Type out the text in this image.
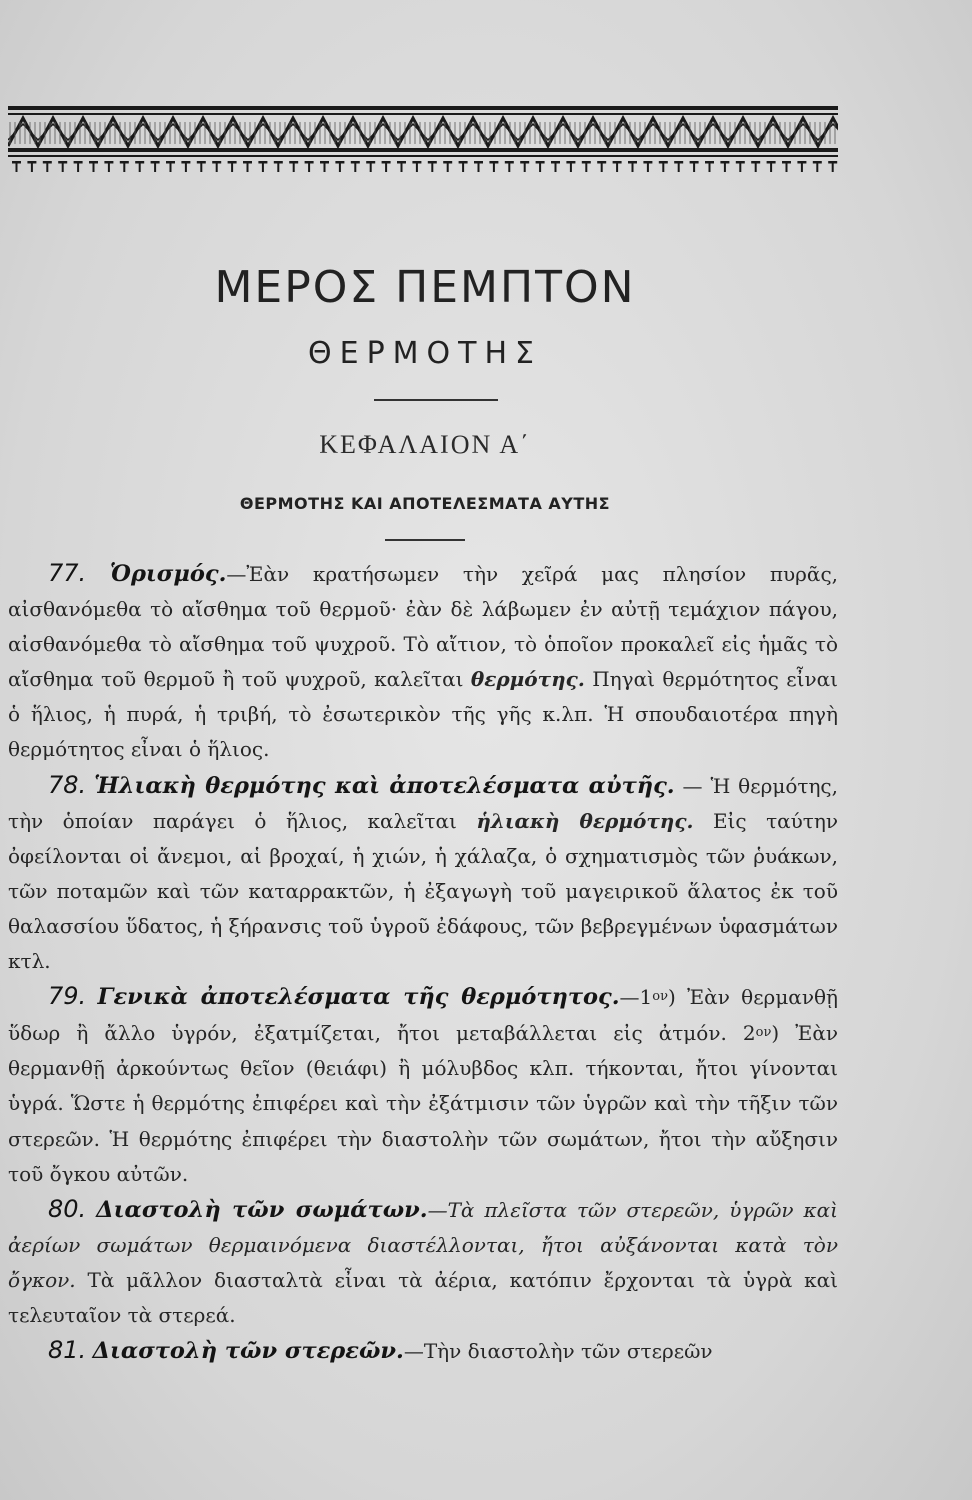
ΜΕΡΟΣ ΠΕΜΠΤΟΝ
ΘΕΡΜΟΤΗΣ
ΚΕΦΑΛΑΙΟΝ Α΄
ΘΕΡΜΟΤΗΣ ΚΑΙ ΑΠΟΤΕΛΕΣΜΑΤΑ ΑΥΤΗΣ

77. Ὁρισμός.—Ἐὰν κρατήσωμεν τὴν χεῖρά μας πλησίον πυρᾶς, αἰσθανόμεθα τὸ αἴσθημα τοῦ θερμοῦ· ἐὰν δὲ λάβωμεν ἐν αὐτῇ τεμάχιον πάγου, αἰσθανόμεθα τὸ αἴσθημα τοῦ ψυχροῦ. Τὸ αἴτιον, τὸ ὁποῖον προκαλεῖ εἰς ἡμᾶς τὸ αἴσθημα τοῦ θερμοῦ ἢ τοῦ ψυχροῦ, καλεῖται θερμότης. Πηγαὶ θερμότητος εἶναι ὁ ἥλιος, ἡ πυρά, ἡ τριβή, τὸ ἐσωτερικὸν τῆς γῆς κ.λπ. Ἡ σπουδαιοτέρα πηγὴ θερμότητος εἶναι ὁ ἥλιος.

78. Ἡλιακὴ θερμότης καὶ ἀποτελέσματα αὐτῆς. — Ἡ θερμότης, τὴν ὁποίαν παράγει ὁ ἥλιος, καλεῖται ἡλιακὴ θερμότης. Εἰς ταύτην ὀφείλονται οἱ ἄνεμοι, αἱ βροχαί, ἡ χιών, ἡ χάλαζα, ὁ σχηματισμὸς τῶν ῥυάκων, τῶν ποταμῶν καὶ τῶν καταρρακτῶν, ἡ ἐξαγωγὴ τοῦ μαγειρικοῦ ἅλατος ἐκ τοῦ θαλασσίου ὕδατος, ἡ ξήρανσις τοῦ ὑγροῦ ἐδάφους, τῶν βεβρεγμένων ὑφασμάτων κτλ.

79. Γενικὰ ἀποτελέσματα τῆς $\theta\varepsilon\rho\mu ό\tau\eta\tau o\varsigma.—1^{o\nu}$) Ἐὰν θερμανθῇ ὕδωρ ἢ ἄλλο ὑγρόν, ἐξατμίζεται, ἤτοι μεταβάλλεται εἰς ἀτμόν. $2^{o\nu}$) Ἐὰν θερμανθῇ ἀρκούντως θεῖον (θειάφι) ἢ μόλυβδος κλπ. τήκονται, ἤτοι γίνονται ὑγρά. Ὥστε ἡ θερμότης ἐπιφέρει καὶ τὴν ἐξάτμισιν τῶν ὑγρῶν καὶ τὴν τῆξιν τῶν στερεῶν. Ἡ θερμότης ἐπιφέρει τὴν διαστολὴν τῶν σωμάτων, ἤτοι τὴν αὔξησιν τοῦ ὄγκου αὐτῶν.

80. Διαστολὴ τῶν σωμάτων.—Τὰ πλεῖστα τῶν στερεῶν, ὑγρῶν καὶ ἀερίων σωμάτων θερμαινόμενα διαστέλλονται, ἤτοι αὐξάνονται κατὰ τὸν ὄγκον. Τὰ μᾶλλον διασταλτὰ εἶναι τὰ ἀέρια, κατόπιν ἔρχονται τὰ ὑγρὰ καὶ τελευταῖον τὰ στερεά.

81. Διαστολὴ τῶν στερεῶν.—Τὴν διαστολὴν τῶν στερεῶν
